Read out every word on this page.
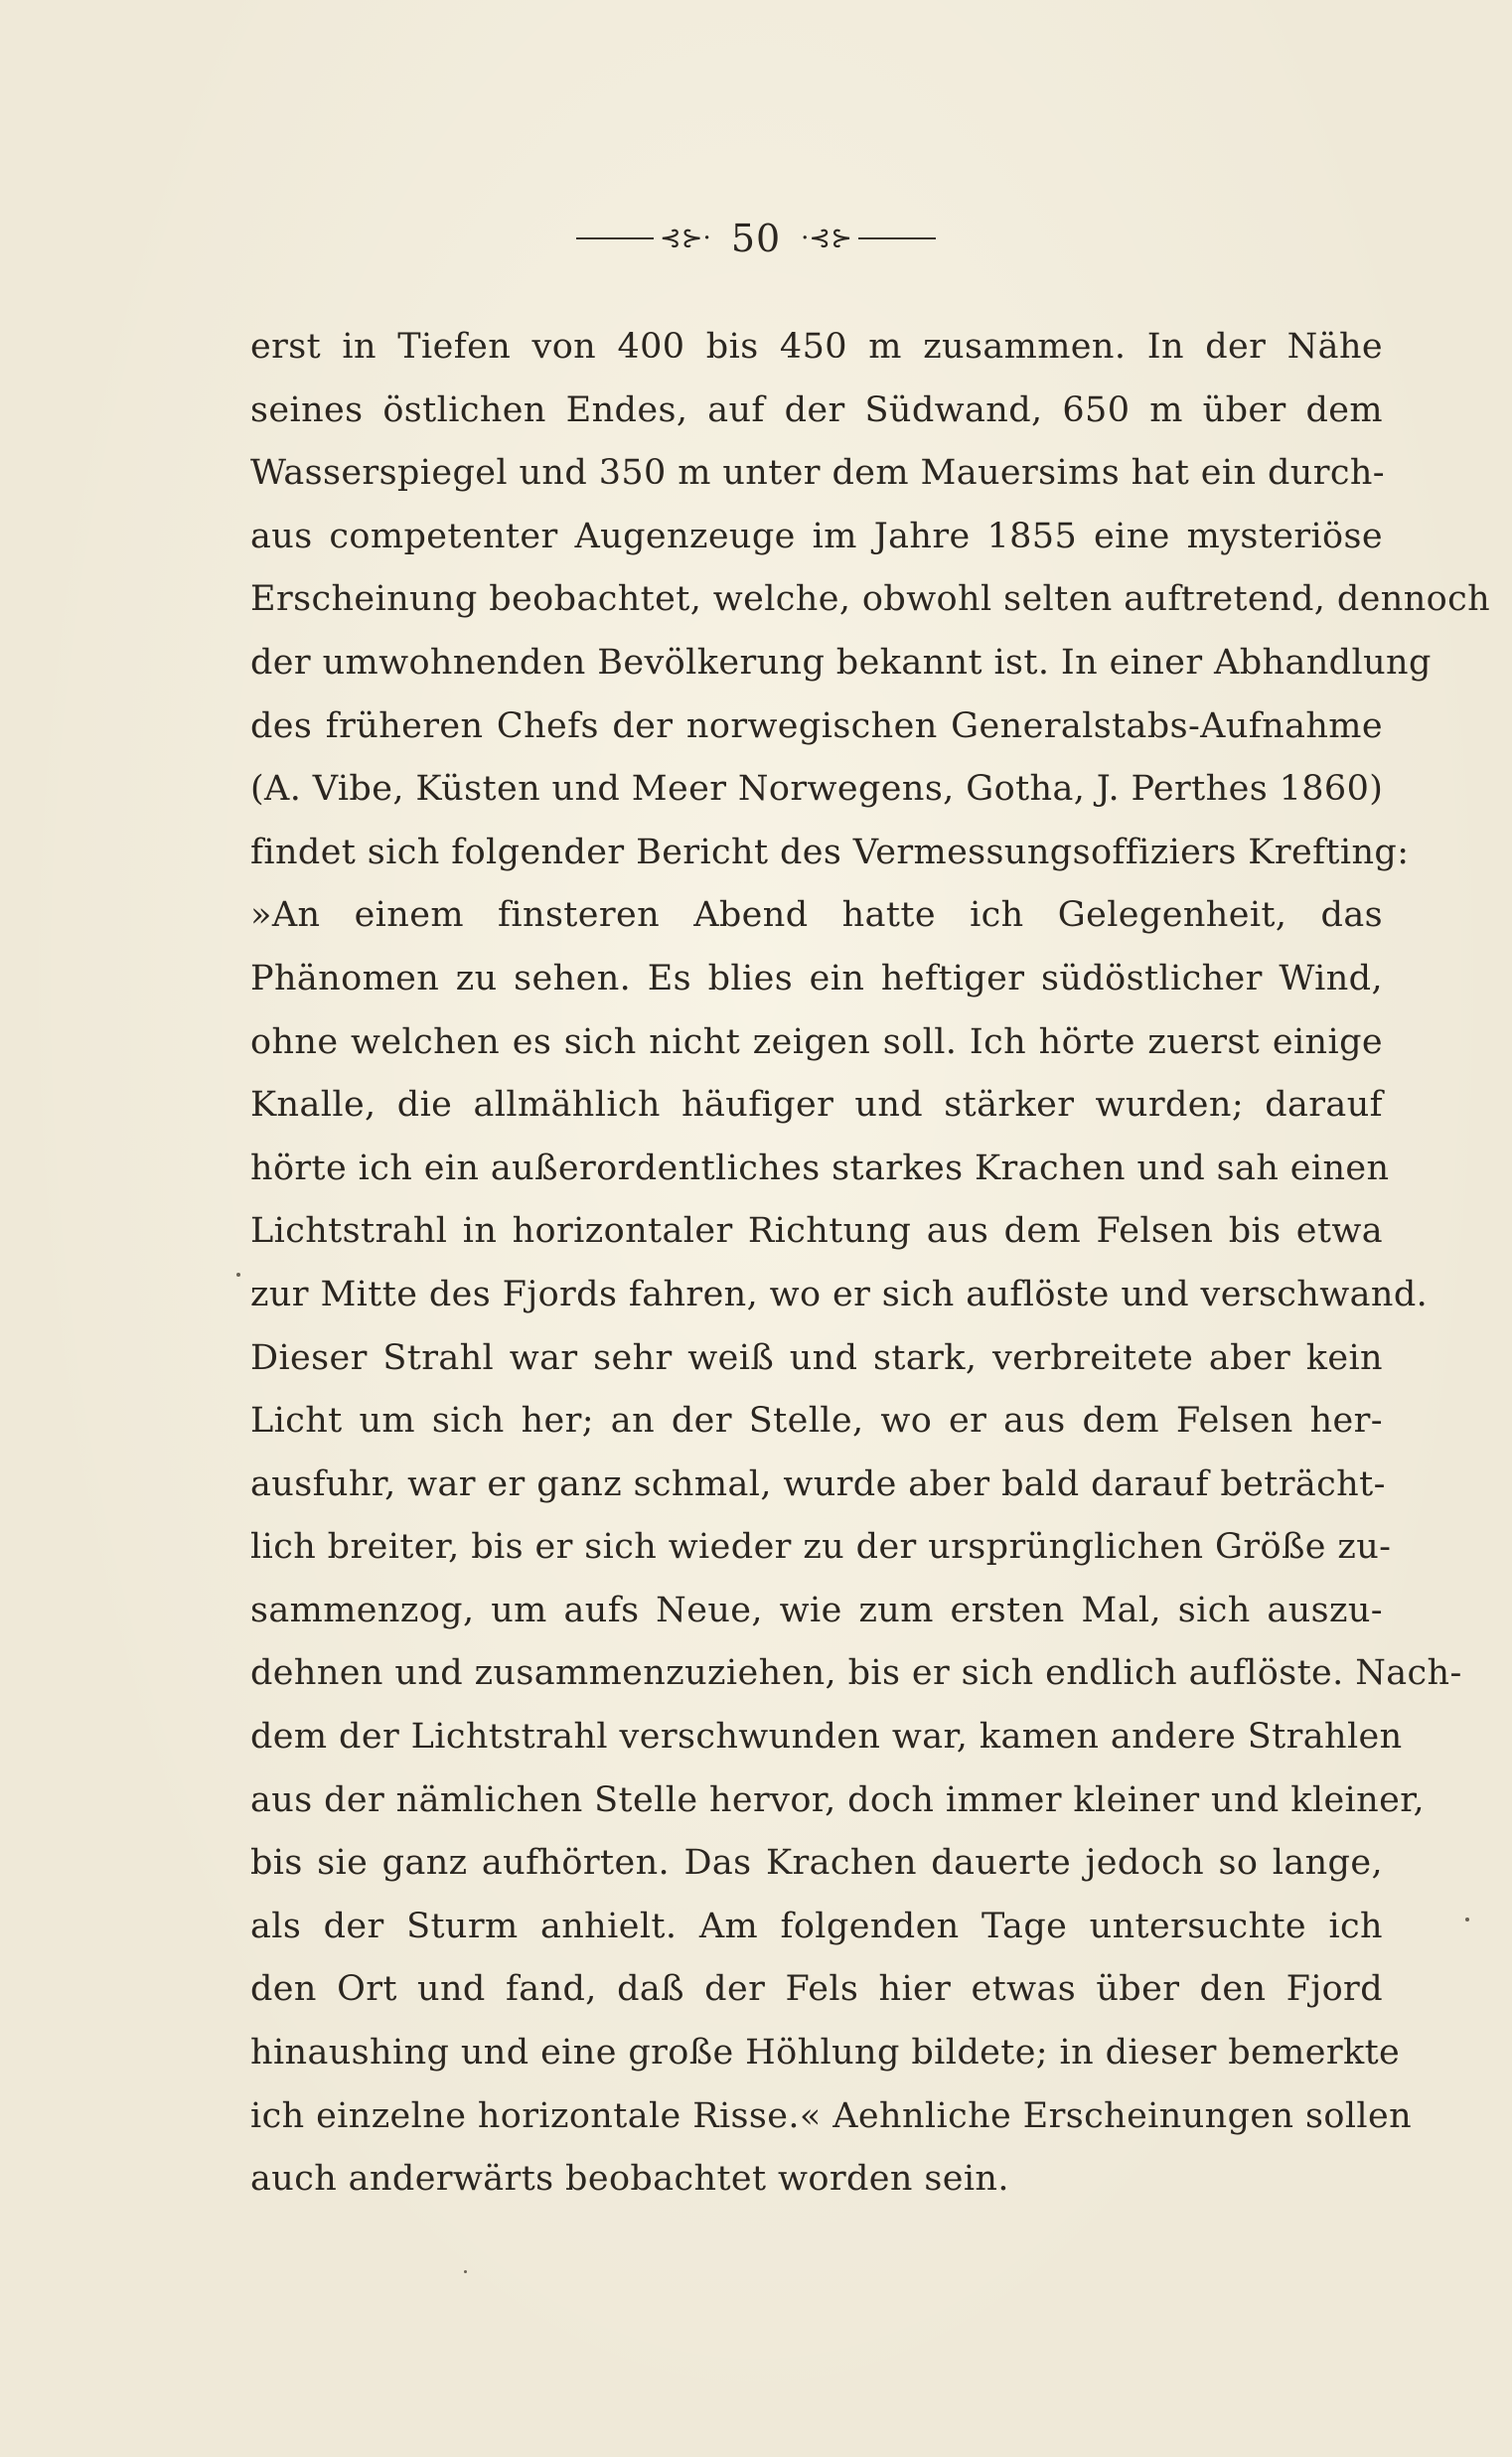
⊰⊱· 50 ·⊰⊱
erst in Tiefen von 400 bis 450 m zusammen. In der Nähe
seines östlichen Endes, auf der Südwand, 650 m über dem
Wasserspiegel und 350 m unter dem Mauersims hat ein durch-
aus competenter Augenzeuge im Jahre 1855 eine mysteriöse
Erscheinung beobachtet, welche, obwohl selten auftretend, dennoch
der umwohnenden Bevölkerung bekannt ist. In einer Abhandlung
des früheren Chefs der norwegischen Generalstabs-Aufnahme
(A. Vibe, Küsten und Meer Norwegens, Gotha, J. Perthes 1860)
findet sich folgender Bericht des Vermessungsoffiziers Krefting:
»An einem finsteren Abend hatte ich Gelegenheit, das
Phänomen zu sehen. Es blies ein heftiger südöstlicher Wind,
ohne welchen es sich nicht zeigen soll. Ich hörte zuerst einige
Knalle, die allmählich häufiger und stärker wurden; darauf
hörte ich ein außerordentliches starkes Krachen und sah einen
Lichtstrahl in horizontaler Richtung aus dem Felsen bis etwa
zur Mitte des Fjords fahren, wo er sich auflöste und verschwand.
Dieser Strahl war sehr weiß und stark, verbreitete aber kein
Licht um sich her; an der Stelle, wo er aus dem Felsen her-
ausfuhr, war er ganz schmal, wurde aber bald darauf beträcht-
lich breiter, bis er sich wieder zu der ursprünglichen Größe zu-
sammenzog, um aufs Neue, wie zum ersten Mal, sich auszu-
dehnen und zusammenzuziehen, bis er sich endlich auflöste. Nach-
dem der Lichtstrahl verschwunden war, kamen andere Strahlen
aus der nämlichen Stelle hervor, doch immer kleiner und kleiner,
bis sie ganz aufhörten. Das Krachen dauerte jedoch so lange,
als der Sturm anhielt. Am folgenden Tage untersuchte ich
den Ort und fand, daß der Fels hier etwas über den Fjord
hinaushing und eine große Höhlung bildete; in dieser bemerkte
ich einzelne horizontale Risse.« Aehnliche Erscheinungen sollen
auch anderwärts beobachtet worden sein.
